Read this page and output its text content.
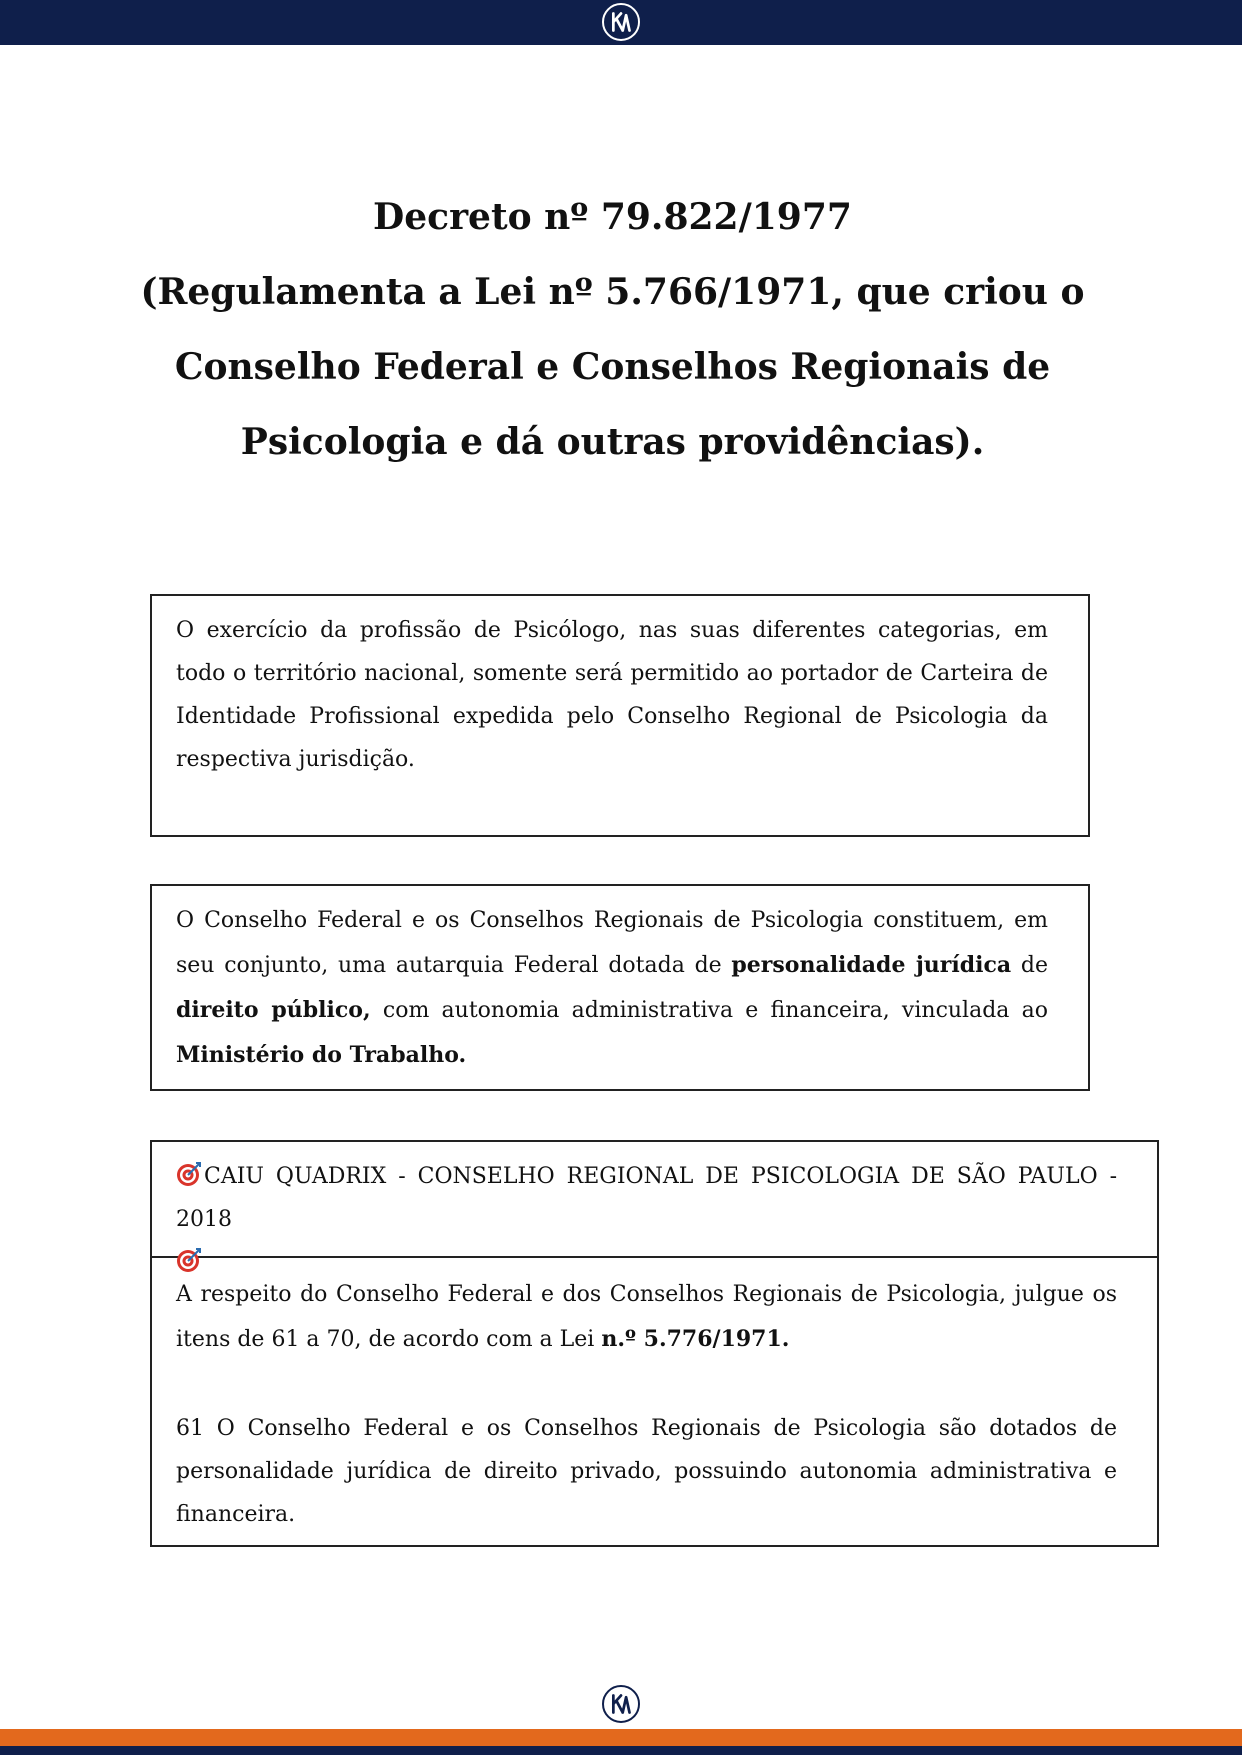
Decreto nº 79.822/1977
(Regulamenta a Lei nº 5.766/1971, que criou o
Conselho Federal e Conselhos Regionais de
Psicologia e dá outras providências).

O exercício da profissão de Psicólogo, nas suas diferentes categorias, em todo o território nacional, somente será permitido ao portador de Carteira de Identidade Profissional expedida pelo Conselho Regional de Psicologia da respectiva jurisdição.

O Conselho Federal e os Conselhos Regionais de Psicologia constituem, em seu conjunto, uma autarquia Federal dotada de personalidade jurídica de direito público, com autonomia administrativa e financeira, vinculada ao Ministério do Trabalho.

CAIU QUADRIX - CONSELHO REGIONAL DE PSICOLOGIA DE SÃO PAULO - 2018

A respeito do Conselho Federal e dos Conselhos Regionais de Psicologia, julgue os itens de 61 a 70, de acordo com a Lei n.º 5.776/1971.

61 O Conselho Federal e os Conselhos Regionais de Psicologia são dotados de personalidade jurídica de direito privado, possuindo autonomia administrativa e financeira.
